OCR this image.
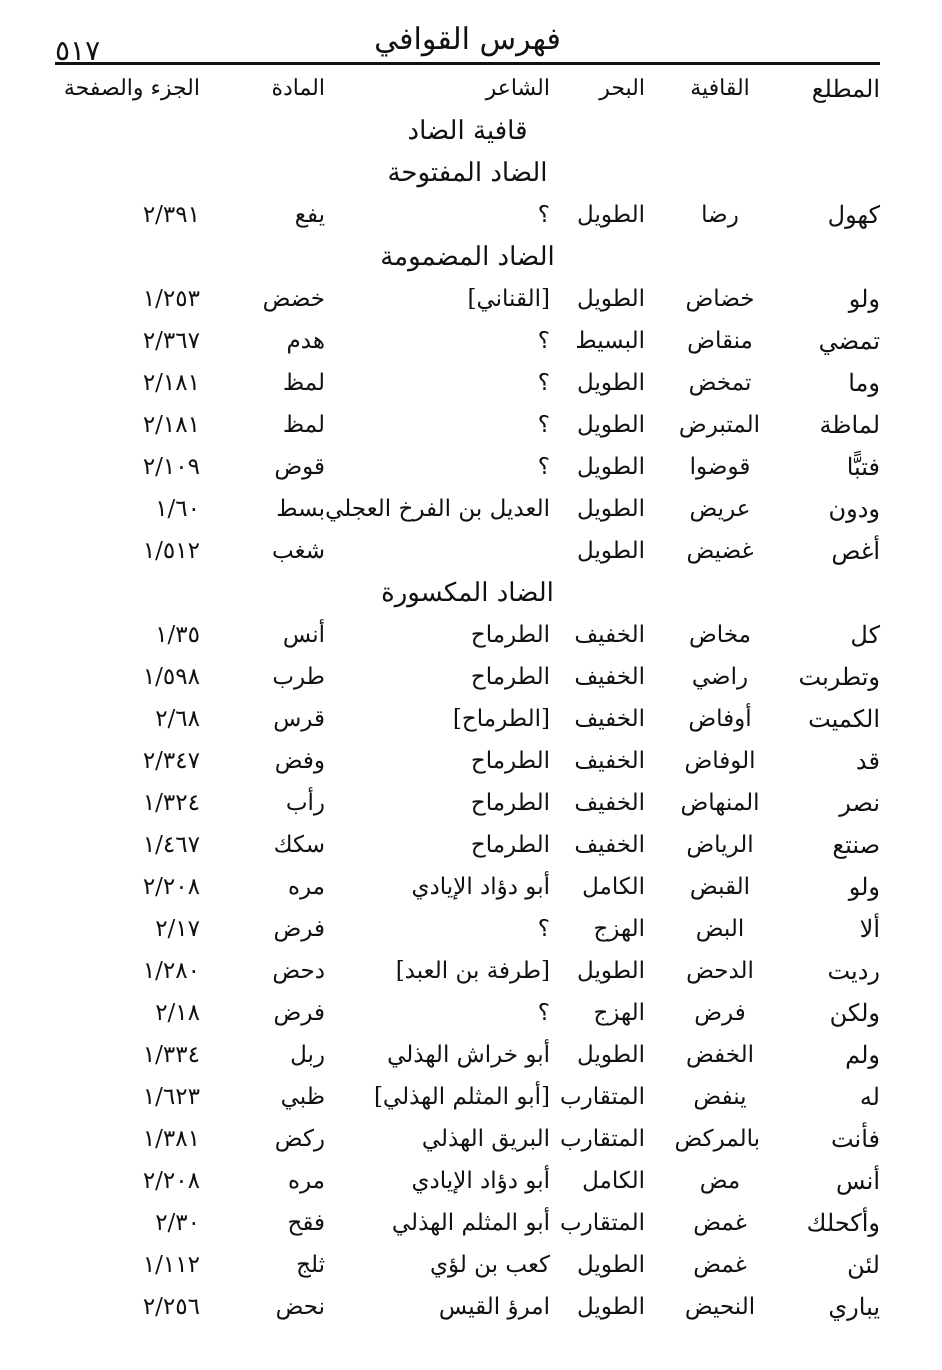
٥١٧	فهرس القوافي
المطلع
القافية
البحر
الشاعر
المادة
الجزء والصفحة
قافية الضاد
الضاد المفتوحة
كهول
رضا
الطويل
؟
يفع
٢/٣٩١
الضاد المضمومة
ولو
خضاض
الطويل
[القناني]
خضض
١/٢٥٣
تمضي
منقاض
البسيط
؟
هدم
٢/٣٦٧
وما
تمخض
الطويل
؟
لمظ
٢/١٨١
لماظة
المتبرض
الطويل
؟
لمظ
٢/١٨١
فتبًّا
قوضوا
الطويل
؟
قوض
٢/١٠٩
ودون
عريض
الطويل
العديل بن الفرخ العجلي
بسط
١/٦٠
أغص
غضيض
الطويل
شغب
١/٥١٢
الضاد المكسورة
كل
مخاض
الخفيف
الطرماح
أنس
١/٣٥
وتطربت
راضي
الخفيف
الطرماح
طرب
١/٥٩٨
الكميت
أوفاض
الخفيف
[الطرماح]
قرس
٢/٦٨
قد
الوفاض
الخفيف
الطرماح
وفض
٢/٣٤٧
نصر
المنهاض
الخفيف
الطرماح
رأب
١/٣٢٤
صنتع
الرياض
الخفيف
الطرماح
سكك
١/٤٦٧
ولو
القبض
الكامل
أبو دؤاد الإيادي
مره
٢/٢٠٨
ألا
البض
الهزج
؟
فرض
٢/١٧
رديت
الدحض
الطويل
[طرفة بن العبد]
دحض
١/٢٨٠
ولكن
فرض
الهزج
؟
فرض
٢/١٨
ولم
الخفض
الطويل
أبو خراش الهذلي
ربل
١/٣٣٤
له
ينفض
المتقارب
[أبو المثلم الهذلي]
ظبي
١/٦٢٣
فأنت
بالمركض
المتقارب
البريق الهذلي
ركض
١/٣٨١
أنس
مض
الكامل
أبو دؤاد الإيادي
مره
٢/٢٠٨
وأكحلك
غمض
المتقارب
أبو المثلم الهذلي
فقح
٢/٣٠
لئن
غمض
الطويل
كعب بن لؤي
ثلج
١/١١٢
يباري
النحيض
الطويل
امرؤ القيس
نحض
٢/٢٥٦
